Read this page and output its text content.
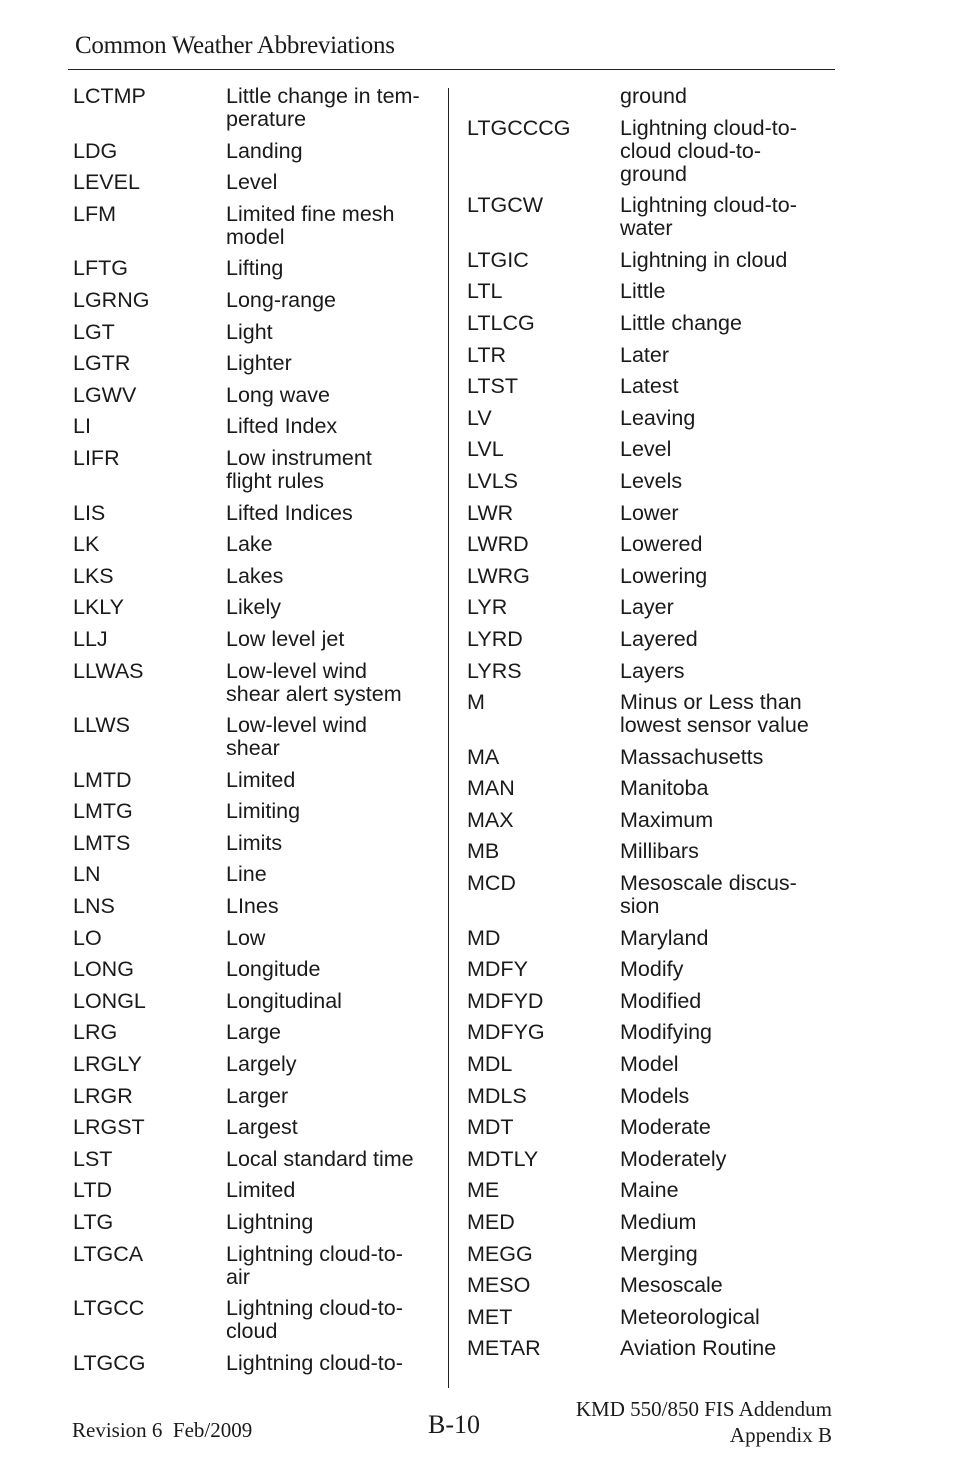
Common Weather Abbreviations
LCTMP	Little change in tem-
perature
LDG	Landing
LEVEL	Level
LFM	Limited fine mesh
model
LFTG	Lifting
LGRNG	Long-range
LGT	Light
LGTR	Lighter
LGWV	Long wave
LI	Lifted Index
LIFR	Low instrument
flight rules
LIS	Lifted Indices
LK	Lake
LKS	Lakes
LKLY	Likely
LLJ	Low level jet
LLWAS	Low-level wind
shear alert system
LLWS	Low-level wind
shear
LMTD	Limited
LMTG	Limiting
LMTS	Limits
LN	Line
LNS	LInes
LO	Low
LONG	Longitude
LONGL	Longitudinal
LRG	Large
LRGLY	Largely
LRGR	Larger
LRGST	Largest
LST	Local standard time
LTD	Limited
LTG	Lightning
LTGCA	Lightning cloud-to-
air
LTGCC	Lightning cloud-to-
cloud
LTGCG	Lightning cloud-to-
ground
LTGCCCG	Lightning cloud-to-
cloud cloud-to-
ground
LTGCW	Lightning cloud-to-
water
LTGIC	Lightning in cloud
LTL	Little
LTLCG	Little change
LTR	Later
LTST	Latest
LV	Leaving
LVL	Level
LVLS	Levels
LWR	Lower
LWRD	Lowered
LWRG	Lowering
LYR	Layer
LYRD	Layered
LYRS	Layers
M	Minus or Less than
lowest sensor value
MA	Massachusetts
MAN	Manitoba
MAX	Maximum
MB	Millibars
MCD	Mesoscale discus-
sion
MD	Maryland
MDFY	Modify
MDFYD	Modified
MDFYG	Modifying
MDL	Model
MDLS	Models
MDT	Moderate
MDTLY	Moderately
ME	Maine
MED	Medium
MEGG	Merging
MESO	Mesoscale
MET	Meteorological
METAR	Aviation Routine
Revision 6  Feb/2009	B-10
KMD 550/850 FIS Addendum
Appendix B
